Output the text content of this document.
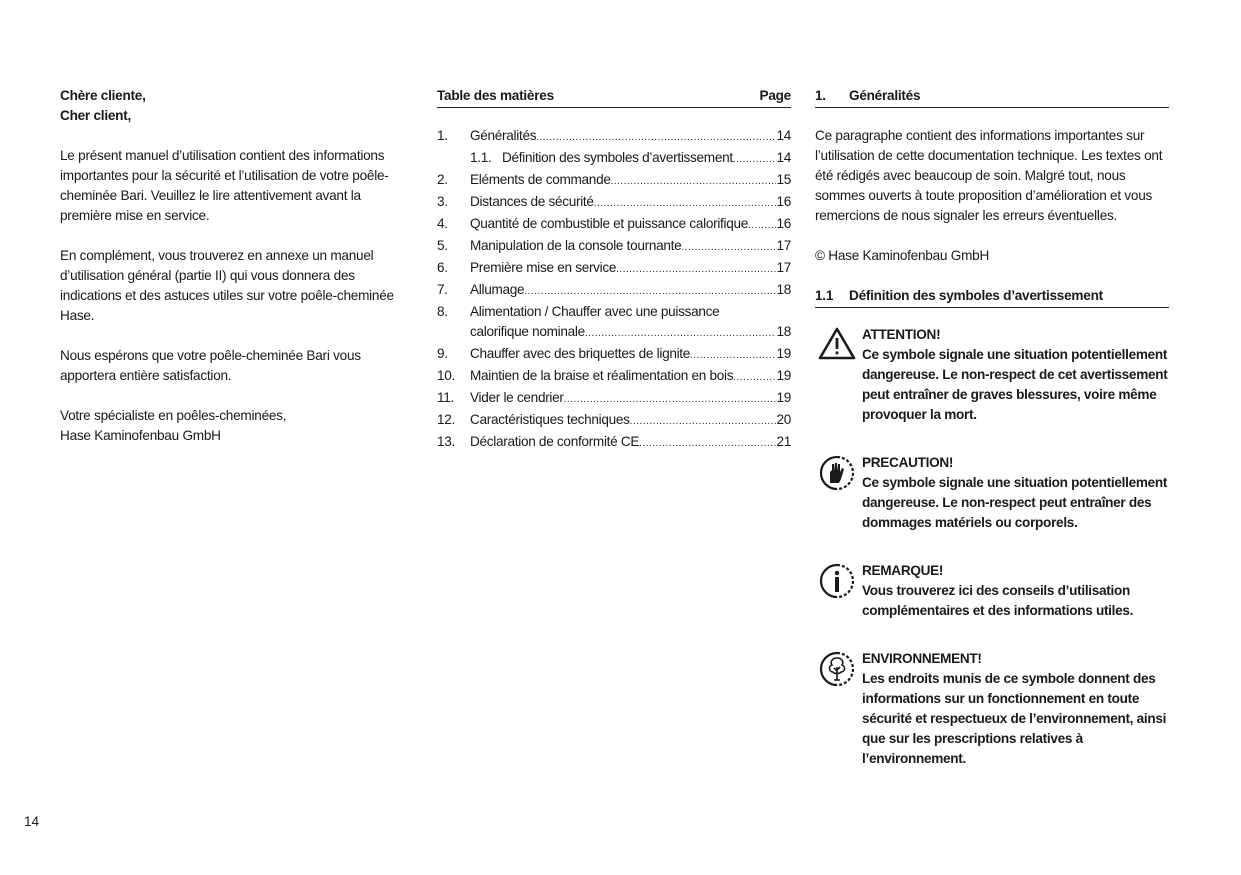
Chère cliente,
Cher client,

Le présent manuel d’utilisation contient des informations importantes pour la sécurité et l’utilisation de votre poêle-cheminée Bari. Veuillez le lire attentivement avant la première mise en service.

En complément, vous trouverez en annexe un manuel d’utilisation général (partie II) qui vous donnera des indications et des astuces utiles sur votre poêle-cheminée Hase.

Nous espérons que votre poêle-cheminée Bari vous apportera entière satisfaction.

Votre spécialiste en poêles-cheminées,
Hase Kaminofenbau GmbH
Table des matières	Page
1.	Généralités .....	14
1.1. Définition des symboles d’avertissement .....	14
2.	Eléments de commande .....	15
3.	Distances de sécurité .....	16
4.	Quantité de combustible et puissance calorifique ..... 16
5.	Manipulation de la console tournante .....	17
6.	Première mise en service .....	17
7.	Allumage .....	18
8.	Alimentation / Chauffer avec une puissance
calorifique nominale .....	18
9.	Chauffer avec des briquettes de lignite .....	19
10.	Maintien de la braise et réalimentation en bois .....	19
11.	Vider le cendrier .....	19
12.	Caractéristiques techniques .....	20
13.	Déclaration de conformité CE .....	21
1.	Généralités

Ce paragraphe contient des informations importantes sur l’utilisation de cette documentation technique. Les textes ont été rédigés avec beaucoup de soin. Malgré tout, nous sommes ouverts à toute proposition d’amélioration et vous remercions de nous signaler les erreurs éventuelles.

© Hase Kaminofenbau GmbH
1.1	Définition des symboles d’avertissement
ATTENTION!
Ce symbole signale une situation potentiellement dangereuse. Le non-respect de cet avertissement peut entraîner de graves blessures, voire même provoquer la mort.
PRECAUTION!
Ce symbole signale une situation potentiellement dangereuse. Le non-respect peut entraîner des dommages matériels ou corporels.
REMARQUE!
Vous trouverez ici des conseils d’utilisation complémentaires et des informations utiles.
ENVIRONNEMENT!
Les endroits munis de ce symbole donnent des informations sur un fonctionnement en toute sécurité et respectueux de l’environnement, ainsi que sur les prescriptions relatives à l’environnement.
14
